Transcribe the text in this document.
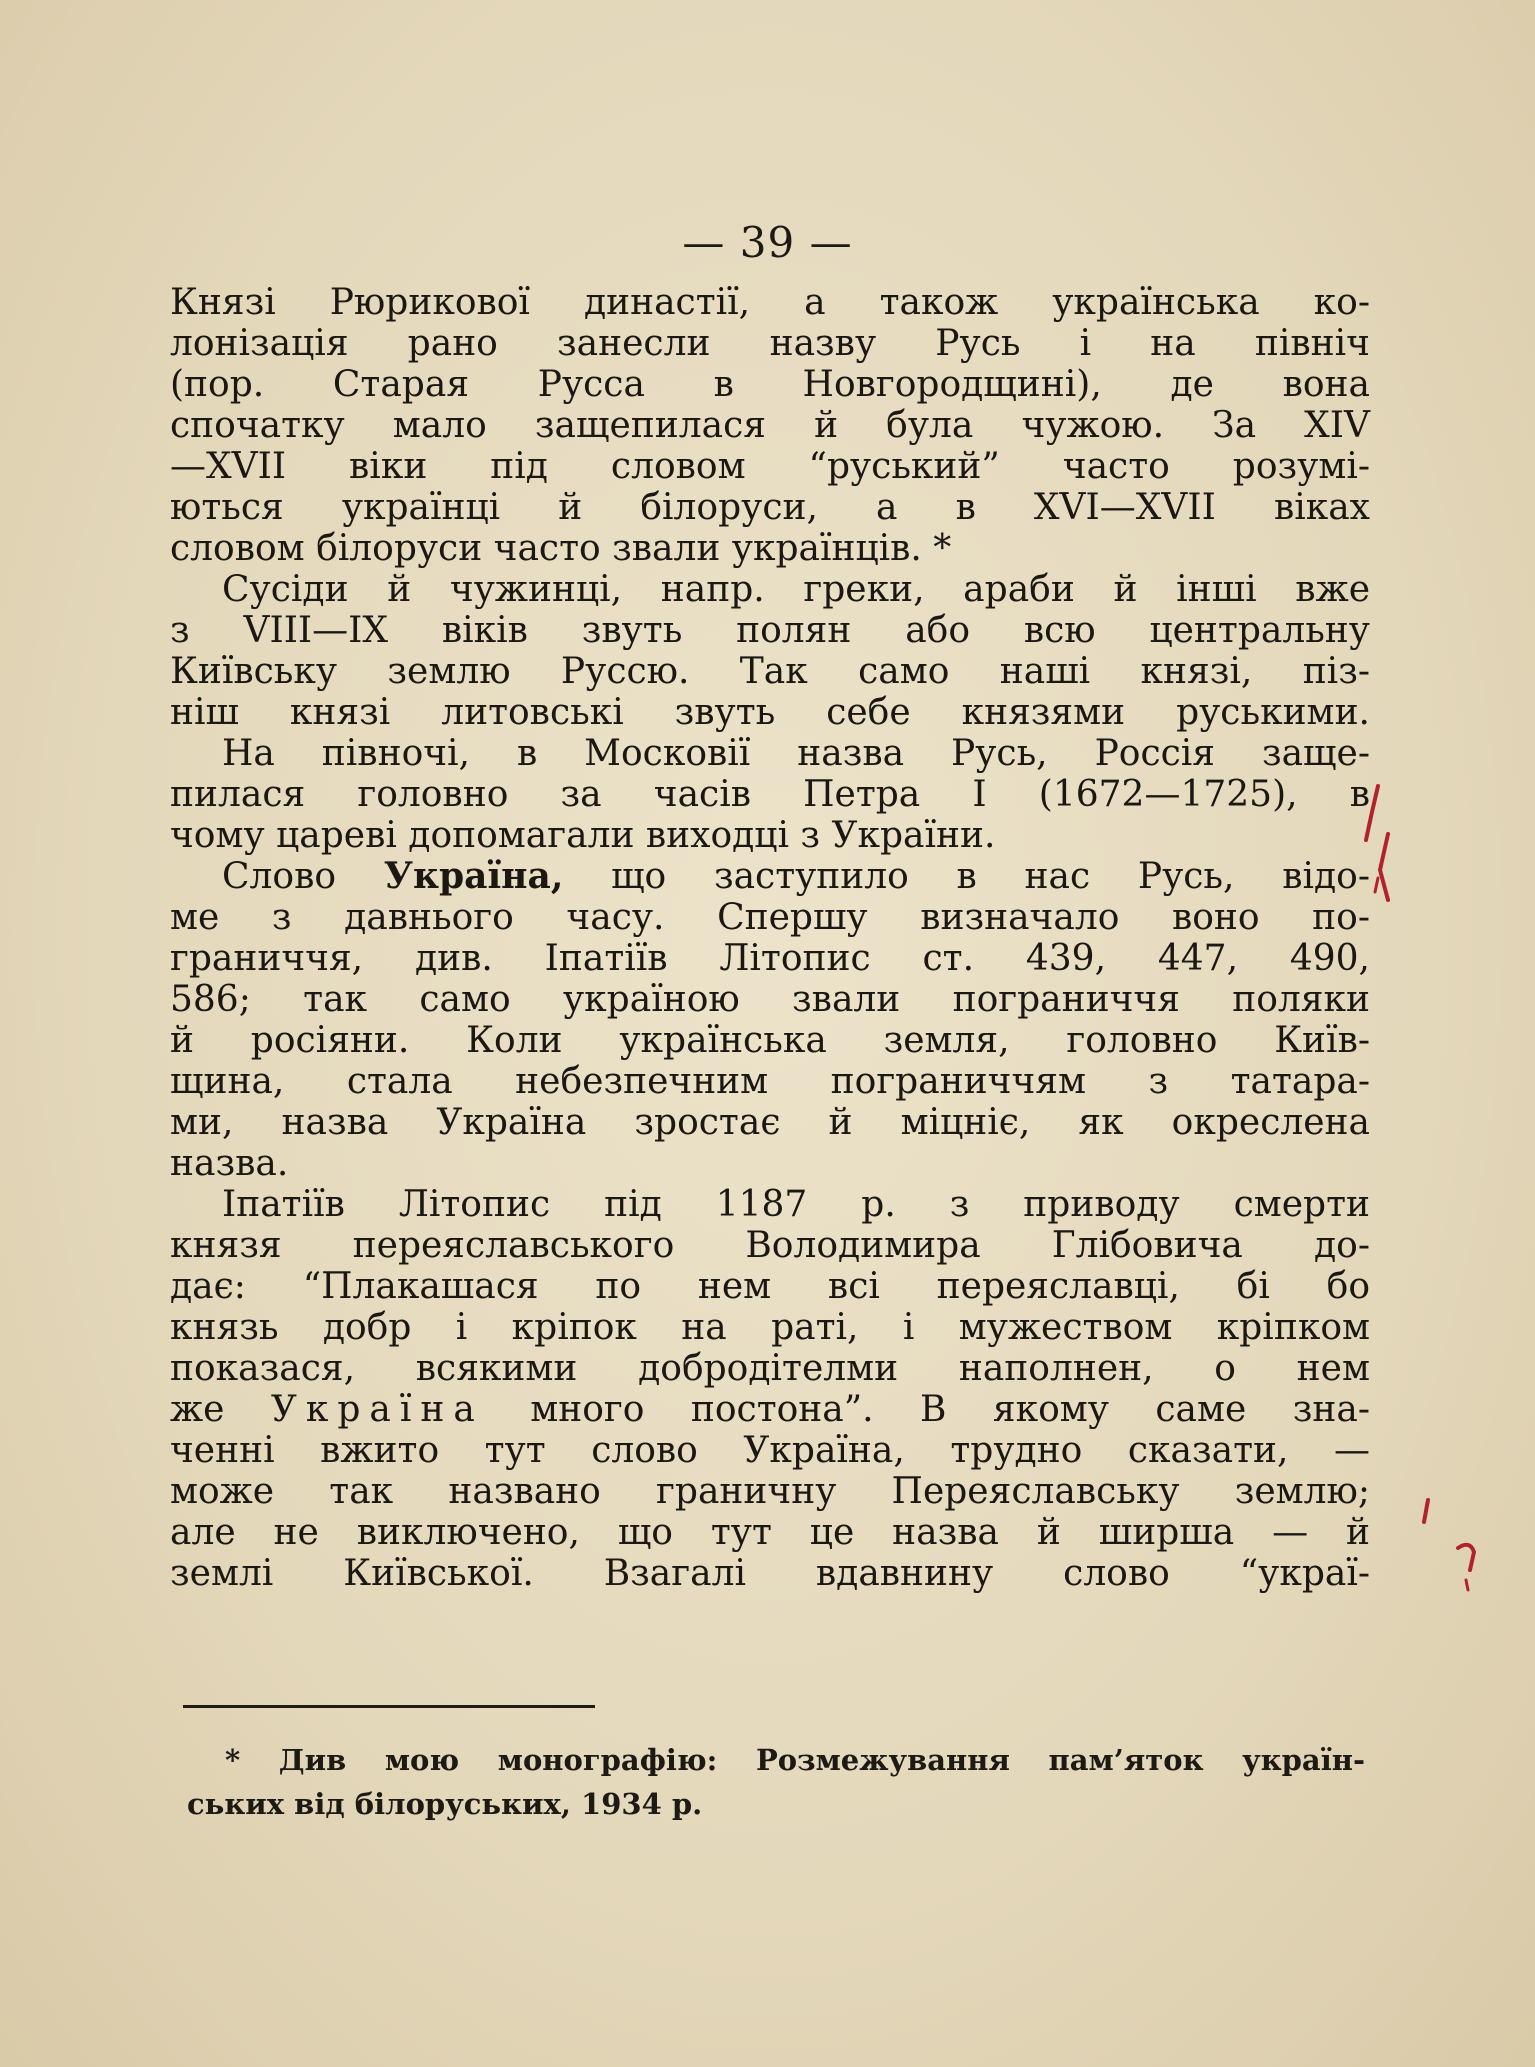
— 39 —
Князі Рюрикової династії, а також українська ко-
лонізація рано занесли назву Русь і на північ
(пор. Старая Русса в Новгородщині), де вона
спочатку мало защепилася й була чужою. За XIV
—XVII віки під словом “руський” часто розумі-
ються українці й білоруси, а в XVI—XVII віках
словом білоруси часто звали українців. *
Сусіди й чужинці, напр. греки, араби й інші вже
з VIII—IX віків звуть полян або всю центральну
Київську землю Руссю. Так само наші князі, піз-
ніш князі литовські звуть себе князями руськими.
На півночі, в Московії назва Русь, Россія защe-
пилася головно за часів Петра I (1672—1725), в
чому цареві допомагали виходці з України.
Слово Україна, що заступило в нас Русь, відо-
ме з давнього часу. Спершу визначало воно по-
граниччя, див. Іпатіїв Літопис ст. 439, 447, 490,
586; так само україною звали пограниччя поляки
й росіяни. Коли українська земля, головно Київ-
щина, стала небезпечним пограниччям з татара-
ми, назва Україна зростає й міцніє, як окреслена
назва.
Іпатіїв Літопис під 1187 р. з приводу смерти
князя переяславського Володимира Глібовича до-
дає: “Плакашася по нем всі переяславці, бі бо
князь добр і кріпок на раті, і мужеством кріпком
показася, всякими добродітелми наполнен, о нем
же Україна много постона”. В якому саме зна-
ченні вжито тут слово Україна, трудно сказати, —
може так названо граничну Переяславську землю;
але не виключено, що тут це назва й ширша — й
землі Київської. Взагалі вдавнину слово “украї-
* Див мою монографію: Розмежування пам’яток україн-
ських від білоруських, 1934 р.
